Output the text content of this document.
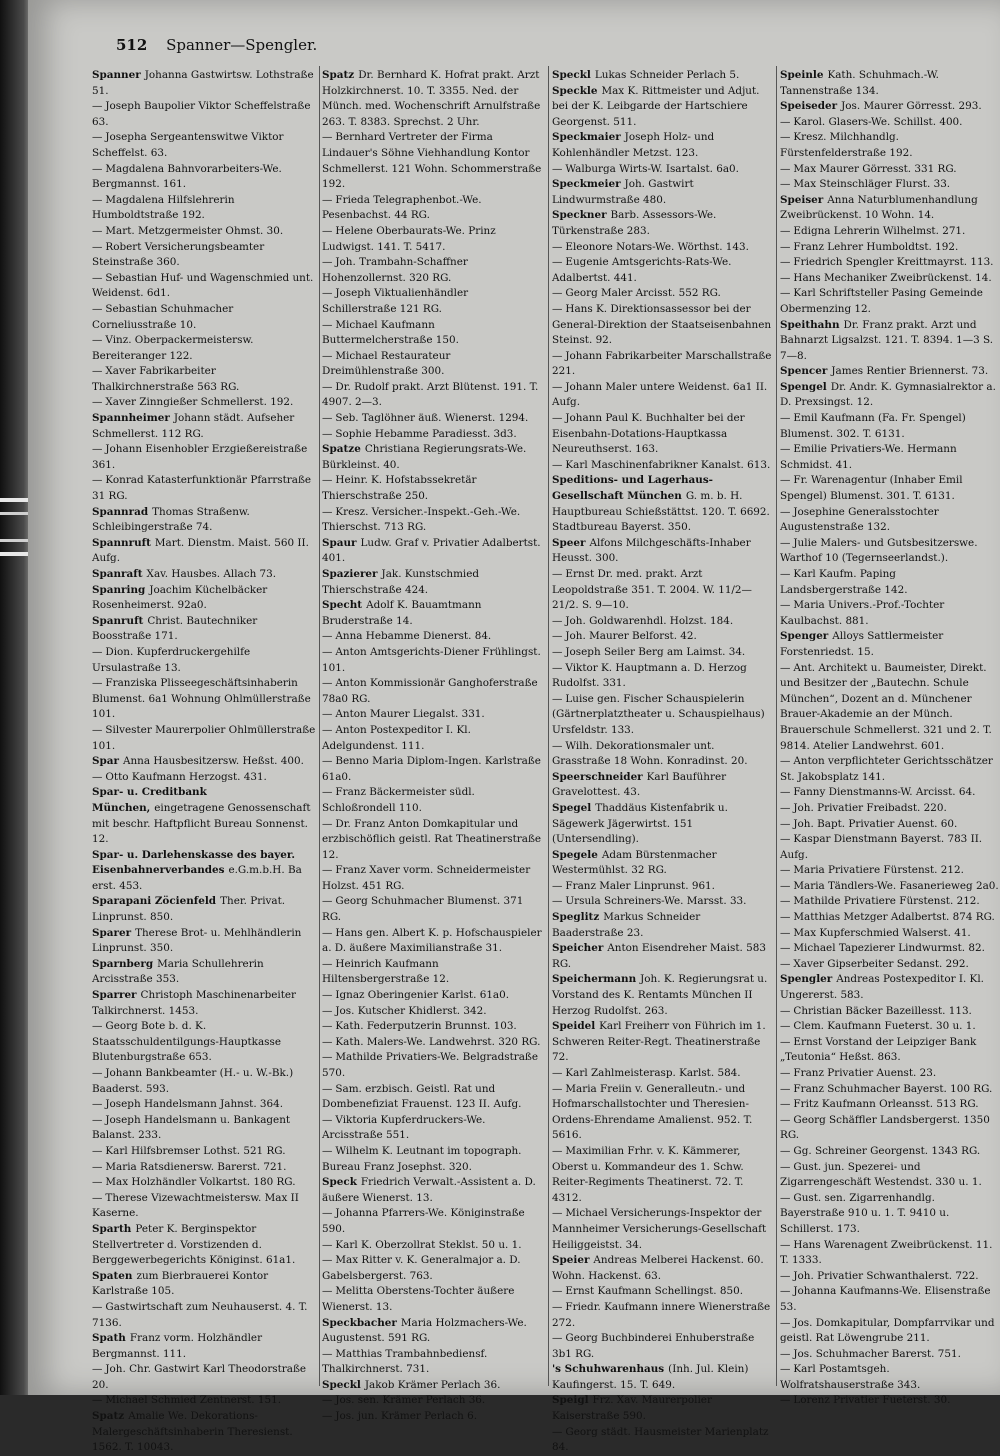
512 Spanner—Spengler.

Spanner Johanna Gastwirtsw. Lothstraße 51.

— Joseph Baupolier Viktor Scheffelstraße 63.

— Josepha Sergeantenswitwe Viktor Scheffelst. 63.

— Magdalena Bahnvorarbeiters-We. Bergmannst. 161.

— Magdalena Hilfslehrerin Humboldtstraße 192.

— Mart. Metzgermeister Ohmst. 30.

— Robert Versicherungsbeamter Steinstraße 360.

— Sebastian Huf- und Wagenschmied unt. Weidenst. 6d1.

— Sebastian Schuhmacher Corneliusstraße 10.

— Vinz. Oberpackermeistersw. Bereiteranger 122.

— Xaver Fabrikarbeiter Thalkirchnerstraße 563 RG.

— Xaver Zinngießer Schmellerst. 192.

Spannheimer Johann städt. Aufseher Schmellerst. 112 RG.

— Johann Eisenhobler Erzgießereistraße 361.

— Konrad Katasterfunktionär Pfarrstraße 31 RG.

Spannrad Thomas Straßenw. Schleibingerstraße 74.

Spannruft Mart. Dienstm. Maist. 560 II. Aufg.

Spanraft Xav. Hausbes. Allach 73.

Spanring Joachim Küchelbäcker Rosenheimerst. 92a0.

Spanruft Christ. Bautechniker Boosstraße 171.

— Dion. Kupferdruckergehilfe Ursulastraße 13.

— Franziska Plisseegeschäftsinhaberin Blumenst. 6a1 Wohnung Ohlmüllerstraße 101.

— Silvester Maurerpolier Ohlmüllerstraße 101.

Spar Anna Hausbesitzersw. Heßst. 400.

— Otto Kaufmann Herzogst. 431.

Spar- u. Creditbank München, eingetragene Genossenschaft mit beschr. Haftpflicht Bureau Sonnenst. 12.

Spar- u. Darlehenskasse des bayer. Eisenbahnerverbandes e.G.m.b.H. Ba erst. 453.

Sparapani Zöcienfeld Ther. Privat. Linprunst. 850.

Sparer Therese Brot- u. Mehlhändlerin Linprunst. 350.

Sparnberg Maria Schullehrerin Arcisstraße 353.

Sparrer Christoph Maschinenarbeiter Talkirchnerst. 1453.

— Georg Bote b. d. K. Staatsschuldentilgungs-Hauptkasse Blutenburgstraße 653.

— Johann Bankbeamter (H.- u. W.-Bk.) Baaderst. 593.

— Joseph Handelsmann Jahnst. 364.

— Joseph Handelsmann u. Bankagent Balanst. 233.

— Karl Hilfsbremser Lothst. 521 RG.

— Maria Ratsdienersw. Barerst. 721.

— Max Holzhändler Volkartst. 180 RG.

— Therese Vizewachtmeistersw. Max II Kaserne.

Sparth Peter K. Berginspektor Stellvertreter d. Vorstizenden d. Berggewerbegerichts Königinst. 61a1.

Spaten zum Bierbrauerei Kontor Karlstraße 105.

— Gastwirtschaft zum Neuhauserst. 4. T. 7136.

Spath Franz vorm. Holzhändler Bergmannst. 111.

— Joh. Chr. Gastwirt Karl Theodorstraße 20.

— Michael Schmied Zentnerst. 151.

Spatz Amalie We. Dekorations-Malergeschäftsinhaberin Theresienst. 1562. T. 10043.

Spatz Dr. Bernhard K. Hofrat prakt. Arzt Holzkirchnerst. 10. T. 3355. Ned. der Münch. med. Wochenschrift Arnulfstraße 263. T. 8383. Sprechst. 2 Uhr.

— Bernhard Vertreter der Firma Lindauer's Söhne Viehhandlung Kontor Schmellerst. 121 Wohn. Schommerstraße 192.

— Frieda Telegraphenbot.-We. Pesenbachst. 44 RG.

— Helene Oberbaurats-We. Prinz Ludwigst. 141. T. 5417.

— Joh. Trambahn-Schaffner Hohenzollernst. 320 RG.

— Joseph Viktualienhändler Schillerstraße 121 RG.

— Michael Kaufmann Buttermelcherstraße 150.

— Michael Restaurateur Dreimühlenstraße 300.

— Dr. Rudolf prakt. Arzt Blütenst. 191. T. 4907. 2—3.

— Seb. Taglöhner äuß. Wienerst. 1294.

— Sophie Hebamme Paradiesst. 3d3.

Spatze Christiana Regierungsrats-We. Bürkleinst. 40.

— Heinr. K. Hofstabssekretär Thierschstraße 250.

— Kresz. Versicher.-Inspekt.-Geh.-We. Thierschst. 713 RG.

Spaur Ludw. Graf v. Privatier Adalbertst. 401.

Spazierer Jak. Kunstschmied Thierschstraße 424.

Specht Adolf K. Bauamtmann Bruderstraße 14.

— Anna Hebamme Dienerst. 84.

— Anton Amtsgerichts-Diener Frühlingst. 101.

— Anton Kommissionär Ganghoferstraße 78a0 RG.

— Anton Maurer Liegalst. 331.

— Anton Postexpeditor I. Kl. Adelgundenst. 111.

— Benno Maria Diplom-Ingen. Karlstraße 61a0.

— Franz Bäckermeister südl. Schloßrondell 110.

— Dr. Franz Anton Domkapitular und erzbischöflich geistl. Rat Theatinerstraße 12.

— Franz Xaver vorm. Schneidermeister Holzst. 451 RG.

— Georg Schuhmacher Blumenst. 371 RG.

— Hans gen. Albert K. p. Hofschauspieler a. D. äußere Maximilianstraße 31.

— Heinrich Kaufmann Hiltensbergerstraße 12.

— Ignaz Oberingenier Karlst. 61a0.

— Jos. Kutscher Khidlerst. 342.

— Kath. Federputzerin Brunnst. 103.

— Kath. Malers-We. Landwehrst. 320 RG.

— Mathilde Privatiers-We. Belgradstraße 570.

— Sam. erzbisch. Geistl. Rat und Dombenefiziat Frauenst. 123 II. Aufg.

— Viktoria Kupferdruckers-We. Arcisstraße 551.

— Wilhelm K. Leutnant im topograph. Bureau Franz Josephst. 320.

Speck Friedrich Verwalt.-Assistent a. D. äußere Wienerst. 13.

— Johanna Pfarrers-We. Königinstraße 590.

— Karl K. Oberzollrat Steklst. 50 u. 1.

— Max Ritter v. K. Generalmajor a. D. Gabelsbergerst. 763.

— Melitta Oberstens-Tochter äußere Wienerst. 13.

Speckbacher Maria Holzmachers-We. Augustenst. 591 RG.

— Matthias Trambahnbediensf. Thalkirchnerst. 731.

Speckl Jakob Krämer Perlach 36.

— Jos. sen. Krämer Perlach 36.

— Jos. jun. Krämer Perlach 6.

Speckl Lukas Schneider Perlach 5.

Speckle Max K. Rittmeister und Adjut. bei der K. Leibgarde der Hartschiere Georgenst. 511.

Speckmaier Joseph Holz- und Kohlenhändler Metzst. 123.

— Walburga Wirts-W. Isartalst. 6a0.

Speckmeier Joh. Gastwirt Lindwurmstraße 480.

Speckner Barb. Assessors-We. Türkenstraße 283.

— Eleonore Notars-We. Wörthst. 143.

— Eugenie Amtsgerichts-Rats-We. Adalbertst. 441.

— Georg Maler Arcisst. 552 RG.

— Hans K. Direktionsassessor bei der General-Direktion der Staatseisenbahnen Steinst. 92.

— Johann Fabrikarbeiter Marschallstraße 221.

— Johann Maler untere Weidenst. 6a1 II. Aufg.

— Johann Paul K. Buchhalter bei der Eisenbahn-Dotations-Hauptkassa Neureuthserst. 163.

— Karl Maschinenfabrikner Kanalst. 613.

Speditions- und Lagerhaus-Gesellschaft München G. m. b. H. Hauptbureau Schießstättst. 120. T. 6692. Stadtbureau Bayerst. 350.

Speer Alfons Milchgeschäfts-Inhaber Heusst. 300.

— Ernst Dr. med. prakt. Arzt Leopoldstraße 351. T. 2004. W. 11/2—21/2. S. 9—10.

— Joh. Goldwarenhdl. Holzst. 184.

— Joh. Maurer Belforst. 42.

— Joseph Seiler Berg am Laimst. 34.

— Viktor K. Hauptmann a. D. Herzog Rudolfst. 331.

— Luise gen. Fischer Schauspielerin (Gärtnerplatztheater u. Schauspielhaus) Ursfeldstr. 133.

— Wilh. Dekorationsmaler unt. Grasstraße 18 Wohn. Konradinst. 20.

Speerschneider Karl Bauführer Gravelottest. 43.

Spegel Thaddäus Kistenfabrik u. Sägewerk Jägerwirtst. 151 (Untersendling).

Spegele Adam Bürstenmacher Westermühlst. 32 RG.

— Franz Maler Linprunst. 961.

— Ursula Schreiners-We. Marsst. 33.

Speglitz Markus Schneider Baaderstraße 23.

Speicher Anton Eisendreher Maist. 583 RG.

Speichermann Joh. K. Regierungsrat u. Vorstand des K. Rentamts München II Herzog Rudolfst. 263.

Speidel Karl Freiherr von Führich im 1. Schweren Reiter-Regt. Theatinerstraße 72.

— Karl Zahlmeisterasp. Karlst. 584.

— Maria Freiin v. Generalleutn.- und Hofmarschallstochter und Theresien-Ordens-Ehrendame Amalienst. 952. T. 5616.

— Maximilian Frhr. v. K. Kämmerer, Oberst u. Kommandeur des 1. Schw. Reiter-Regiments Theatinerst. 72. T. 4312.

— Michael Versicherungs-Inspektor der Mannheimer Versicherungs-Gesellschaft Heiliggeistst. 34.

Speier Andreas Melberei Hackenst. 60. Wohn. Hackenst. 63.

— Ernst Kaufmann Schellingst. 850.

— Friedr. Kaufmann innere Wienerstraße 272.

— Georg Buchbinderei Enhuberstraße 3b1 RG.

's Schuhwarenhaus (Inh. Jul. Klein) Kaufingerst. 15. T. 649.

Speigl Frz. Xav. Maurerpolier Kaiserstraße 590.

— Georg städt. Hausmeister Marienplatz 84.

Speinle Kath. Schuhmach.-W. Tannenstraße 134.

Speiseder Jos. Maurer Görresst. 293.

— Karol. Glasers-We. Schillst. 400.

— Kresz. Milchhandlg. Fürstenfelderstraße 192.

— Max Maurer Görresst. 331 RG.

— Max Steinschläger Flurst. 33.

Speiser Anna Naturblumenhandlung Zweibrückenst. 10 Wohn. 14.

— Edigna Lehrerin Wilhelmst. 271.

— Franz Lehrer Humboldtst. 192.

— Friedrich Spengler Kreittmayrst. 113.

— Hans Mechaniker Zweibrückenst. 14.

— Karl Schriftsteller Pasing Gemeinde Obermenzing 12.

Speithahn Dr. Franz prakt. Arzt und Bahnarzt Ligsalzst. 121. T. 8394. 1—3 S. 7—8.

Spencer James Rentier Briennerst. 73.

Spengel Dr. Andr. K. Gymnasialrektor a. D. Prexsingst. 12.

— Emil Kaufmann (Fa. Fr. Spengel) Blumenst. 302. T. 6131.

— Emilie Privatiers-We. Hermann Schmidst. 41.

— Fr. Warenagentur (Inhaber Emil Spengel) Blumenst. 301. T. 6131.

— Josephine Generalsstochter Augustenstraße 132.

— Julie Malers- und Gutsbesitzerswe. Warthof 10 (Tegernseerlandst.).

— Karl Kaufm. Paping Landsbergerstraße 142.

— Maria Univers.-Prof.-Tochter Kaulbachst. 881.

Spenger Alloys Sattlermeister Forstenriedst. 15.

— Ant. Architekt u. Baumeister, Direkt. und Besitzer der „Bautechn. Schule München“, Dozent an d. Münchener Brauer-Akademie an der Münch. Brauerschule Schmellerst. 321 und 2. T. 9814. Atelier Landwehrst. 601.

— Anton verpflichteter Gerichtsschätzer St. Jakobsplatz 141.

— Fanny Dienstmanns-W. Arcisst. 64.

— Joh. Privatier Freibadst. 220.

— Joh. Bapt. Privatier Auenst. 60.

— Kaspar Dienstmann Bayerst. 783 II. Aufg.

— Maria Privatiere Fürstenst. 212.

— Maria Tändlers-We. Fasanerieweg 2a0.

— Mathilde Privatiere Fürstenst. 212.

— Matthias Metzger Adalbertst. 874 RG.

— Max Kupferschmied Walserst. 41.

— Michael Tapezierer Lindwurmst. 82.

— Xaver Gipserbeiter Sedanst. 292.

Spengler Andreas Postexpeditor I. Kl. Ungererst. 583.

— Christian Bäcker Bazeillesst. 113.

— Clem. Kaufmann Fueterst. 30 u. 1.

— Ernst Vorstand der Leipziger Bank „Teutonia“ Heßst. 863.

— Franz Privatier Auenst. 23.

— Franz Schuhmacher Bayerst. 100 RG.

— Fritz Kaufmann Orleansst. 513 RG.

— Georg Schäffler Landsbergerst. 1350 RG.

— Gg. Schreiner Georgenst. 1343 RG.

— Gust. jun. Spezerei- und Zigarrengeschäft Westendst. 330 u. 1.

— Gust. sen. Zigarrenhandlg. Bayerstraße 910 u. 1. T. 9410 u. Schillerst. 173.

— Hans Warenagent Zweibrückenst. 11. T. 1333.

— Joh. Privatier Schwanthalerst. 722.

— Johanna Kaufmanns-We. Elisenstraße 53.

— Jos. Domkapitular, Dompfarrvikar und geistl. Rat Löwengrube 211.

— Jos. Schuhmacher Barerst. 751.

— Karl Postamtsgeh. Wolfratshauserstraße 343.

— Lorenz Privatier Fueterst. 30.
